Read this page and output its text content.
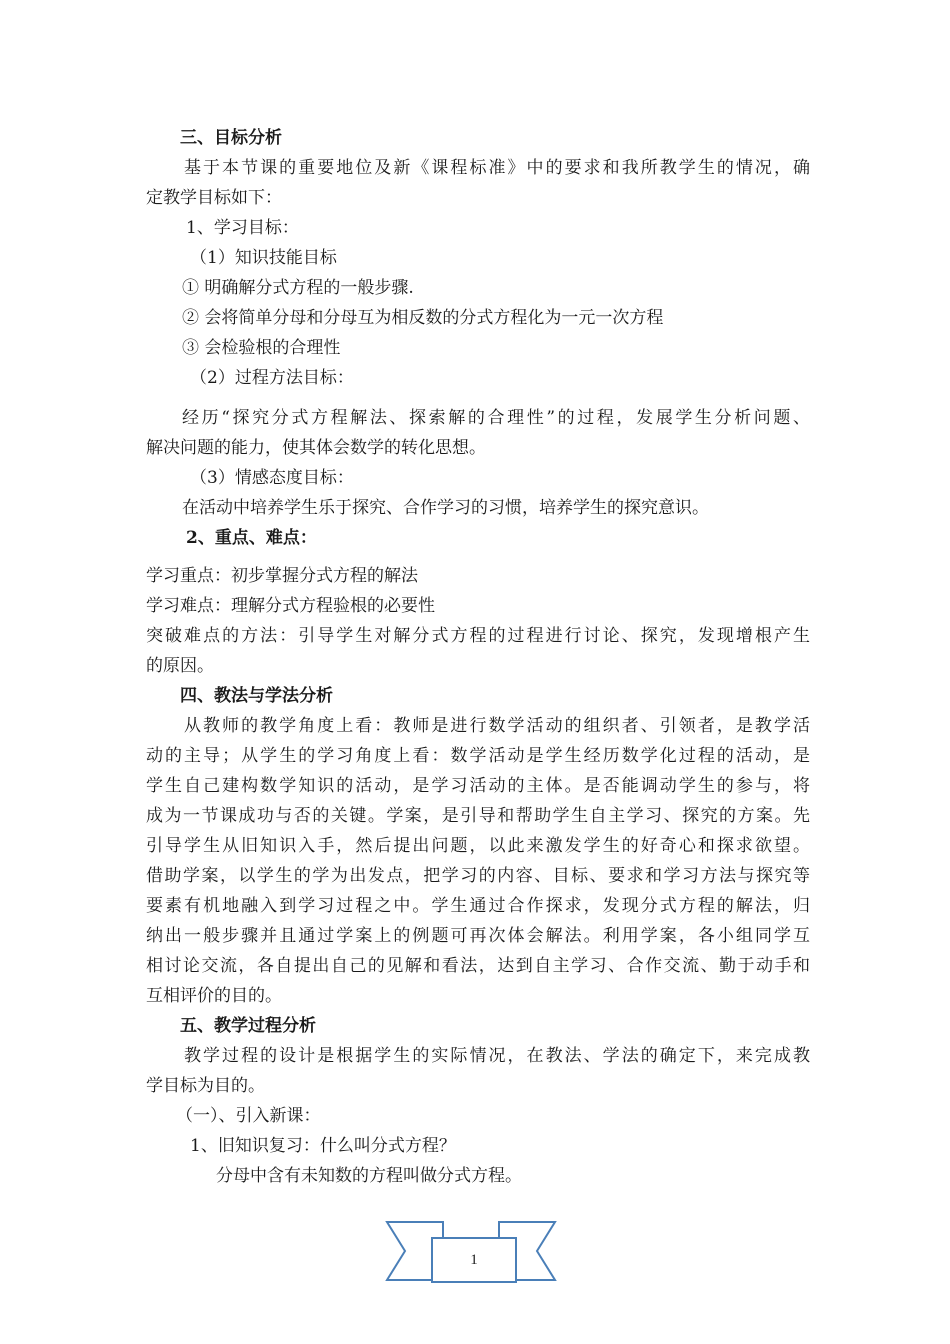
三、目标分析
基于本节课的重要地位及新《课程标准》中的要求和我所教学生的情况，确
定教学目标如下：
1、学习目标：
（1）知识技能目标
① 明确解分式方程的一般步骤.
② 会将简单分母和分母互为相反数的分式方程化为一元一次方程
③ 会检验根的合理性
（2）过程方法目标：
经历“探究分式方程解法、探索解的合理性”的过程，发展学生分析问题、
解决问题的能力，使其体会数学的转化思想。
（3）情感态度目标：
在活动中培养学生乐于探究、合作学习的习惯，培养学生的探究意识。
2、重点、难点：
学习重点：初步掌握分式方程的解法
学习难点：理解分式方程验根的必要性
突破难点的方法：引导学生对解分式方程的过程进行讨论、探究，发现增根产生
的原因。
四、教法与学法分析
从教师的教学角度上看：教师是进行数学活动的组织者、引领者，是教学活
动的主导；从学生的学习角度上看：数学活动是学生经历数学化过程的活动，是
学生自己建构数学知识的活动，是学习活动的主体。是否能调动学生的参与，将
成为一节课成功与否的关键。学案，是引导和帮助学生自主学习、探究的方案。先
引导学生从旧知识入手，然后提出问题，以此来激发学生的好奇心和探求欲望。
借助学案，以学生的学为出发点，把学习的内容、目标、要求和学习方法与探究等
要素有机地融入到学习过程之中。学生通过合作探求，发现分式方程的解法，归
纳出一般步骤并且通过学案上的例题可再次体会解法。利用学案，各小组同学互
相讨论交流，各自提出自己的见解和看法，达到自主学习、合作交流、勤于动手和
互相评价的目的。
五、教学过程分析
教学过程的设计是根据学生的实际情况，在教法、学法的确定下，来完成教
学目标为目的。
（一）、引入新课：
1、旧知识复习：什么叫分式方程？
分母中含有未知数的方程叫做分式方程。
1
